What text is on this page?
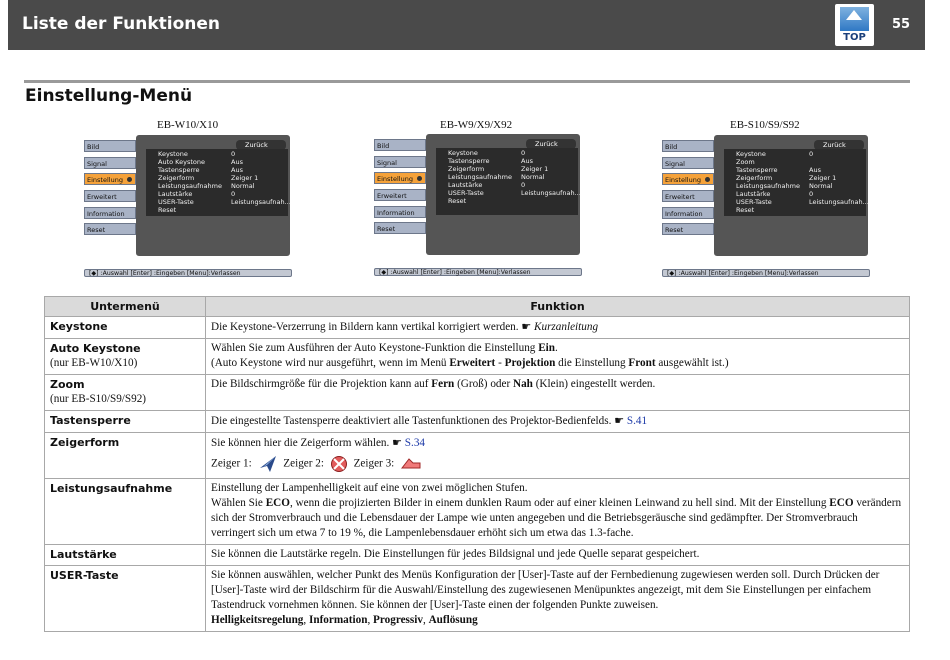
Liste der Funktionen
TOP
55
Einstellung-Menü
EB-W10/X10
Bild
Signal
Einstellung
Erweitert
Information
Reset
Zurück
Keystone	0
Auto Keystone	Aus
Tastensperre	Aus
Zeigerform	Zeiger 1
Leistungsaufnahme Normal
Lautstärke	0
USER-Taste	Leistungsaufnah...
Reset
[◆] :Auswahl [Enter] :Eingeben [Menu]:Verlassen
EB-W9/X9/X92
Bild
Signal
Einstellung
Erweitert
Information
Reset
Zurück
Keystone	0
Tastensperre	Aus
Zeigerform	Zeiger 1
Leistungsaufnahme Normal
Lautstärke	0
USER-Taste	Leistungsaufnah...
Reset
[◆] :Auswahl [Enter] :Eingeben [Menu]:Verlassen
EB-S10/S9/S92
Bild
Signal
Einstellung
Erweitert
Information
Reset
Zurück
Keystone	0
Zoom
Tastensperre	Aus
Zeigerform	Zeiger 1
Leistungsaufnahme Normal
Lautstärke	0
USER-Taste	Leistungsaufnah...
Reset
[◆] :Auswahl [Enter] :Eingeben [Menu]:Verlassen
Untermenü	Funktion
Keystone	Die Keystone-Verzerrung in Bildern kann vertikal korrigiert werden. ☛ Kurzanleitung
Auto Keystone
(nur EB-W10/X10)	Wählen Sie zum Ausführen der Auto Keystone-Funktion die Einstellung Ein.
(Auto Keystone wird nur ausgeführt, wenn im Menü Erweitert - Projektion die Einstellung Front ausgewählt ist.)
Zoom
(nur EB-S10/S9/S92)	Die Bildschirmgröße für die Projektion kann auf Fern (Groß) oder Nah (Klein) eingestellt werden.
Tastensperre	Die eingestellte Tastensperre deaktiviert alle Tastenfunktionen des Projektor-Bedienfelds. ☛ S.41
Zeigerform	Sie können hier die Zeigerform wählen. ☛ S.34
Zeiger 1: Zeiger 2: Zeiger 3:

Leistungsaufnahme	Einstellung der Lampenhelligkeit auf eine von zwei möglichen Stufen.
Wählen Sie ECO, wenn die projizierten Bilder in einem dunklen Raum oder auf einer kleinen Leinwand zu hell sind. Mit der Einstellung ECO verändern sich der Stromverbrauch und die Lebensdauer der Lampe wie unten angegeben und die Betriebsgeräusche sind gedämpfter. Der Stromverbrauch verringert sich um etwa 7 to 19 %, die Lampenlebensdauer erhöht sich um etwa das 1.3-fache.
Lautstärke	Sie können die Lautstärke regeln. Die Einstellungen für jedes Bildsignal und jede Quelle separat gespeichert.
USER-Taste	Sie können auswählen, welcher Punkt des Menüs Konfiguration der [User]-Taste auf der Fernbedienung zugewiesen werden soll. Durch Drücken der [User]-Taste wird der Bildschirm für die Auswahl/Einstellung des zugewiesenen Menüpunktes angezeigt, mit dem Sie Einstellungen per einfachem Tastendruck vornehmen können. Sie können der [User]-Taste einen der folgenden Punkte zuweisen.
Helligkeitsregelung, Information, Progressiv, Auflösung
